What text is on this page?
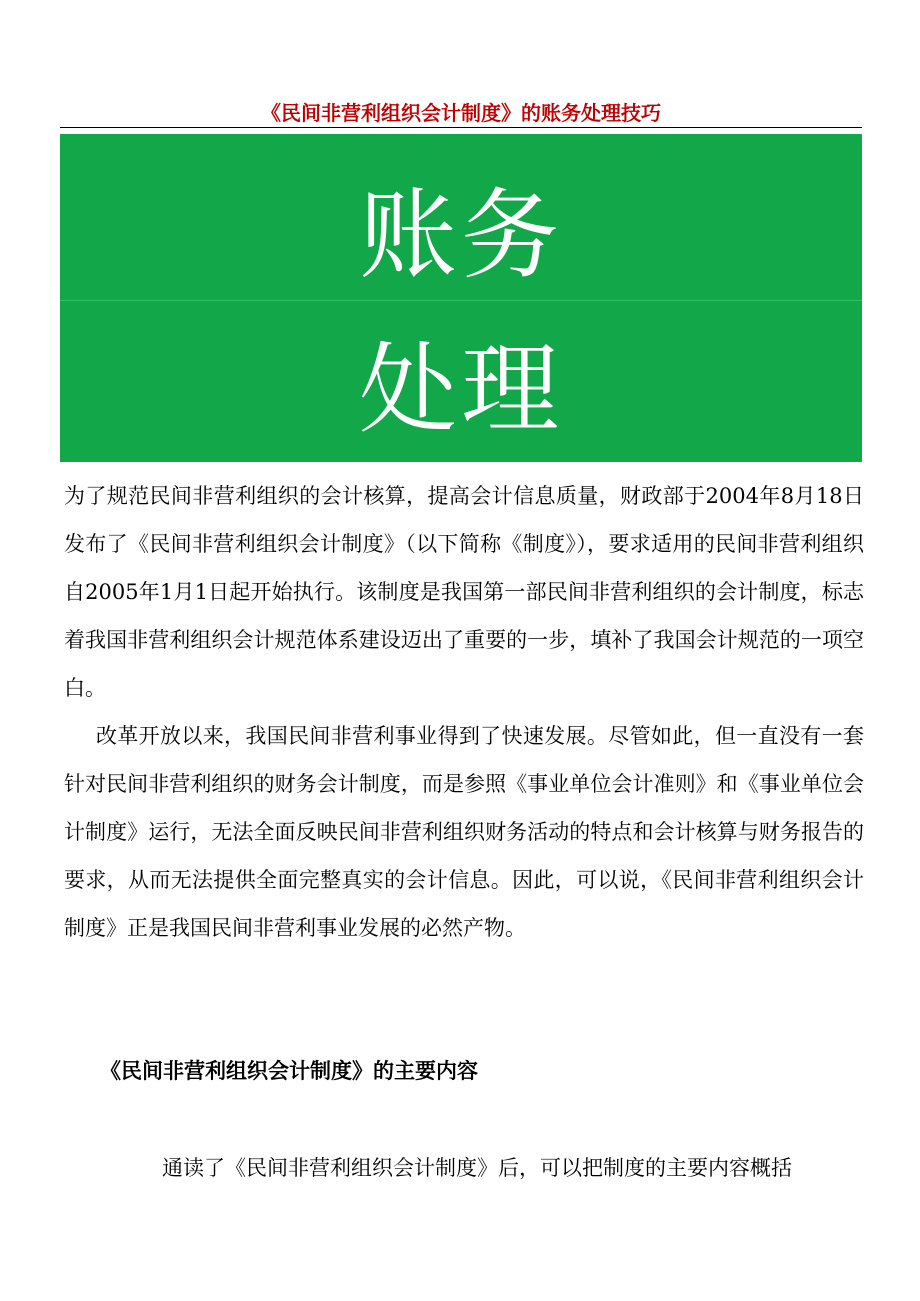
《民间非营利组织会计制度》的账务处理技巧
账务
处理

为了规范民间非营利组织的会计核算，提高会计信息质量，财政部于2004年8月18日发布了《民间非营利组织会计制度》（以下简称《制度》），要求适用的民间非营利组织自2005年1月1日起开始执行。该制度是我国第一部民间非营利组织的会计制度，标志着我国非营利组织会计规范体系建设迈出了重要的一步，填补了我国会计规范的一项空白。

改革开放以来，我国民间非营利事业得到了快速发展。尽管如此，但一直没有一套针对民间非营利组织的财务会计制度，而是参照《事业单位会计准则》和《事业单位会计制度》运行，无法全面反映民间非营利组织财务活动的特点和会计核算与财务报告的要求，从而无法提供全面完整真实的会计信息。因此，可以说，《民间非营利组织会计制度》正是我国民间非营利事业发展的必然产物。

《民间非营利组织会计制度》的主要内容

通读了《民间非营利组织会计制度》后，可以把制度的主要内容概括
